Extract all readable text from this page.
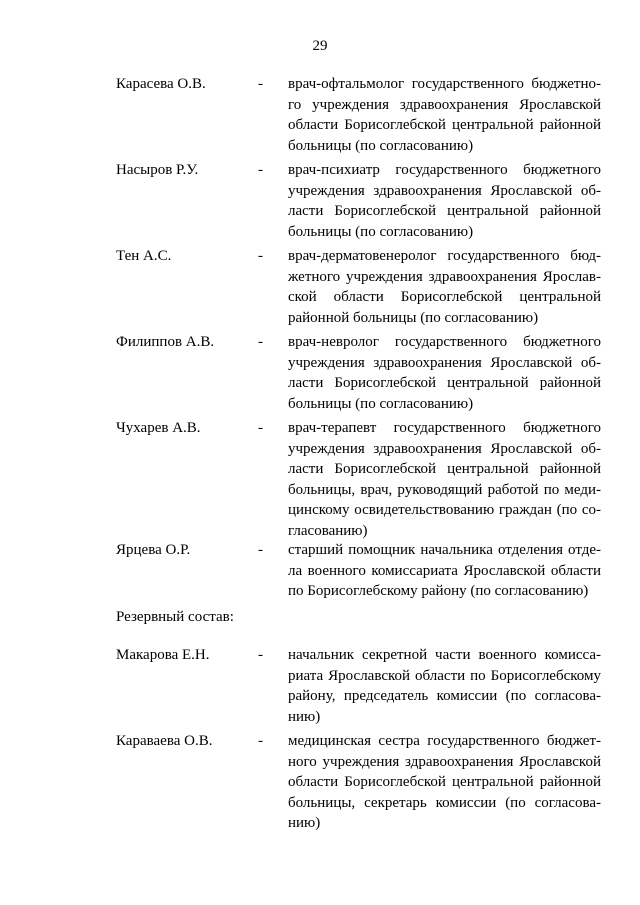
29
Карасева О.В.	- врач-офтальмолог государственного бюджетно-
го учреждения здравоохранения Ярославской
области Борисоглебской центральной районной
больницы (по согласованию)
Насыров Р.У.	- врач-психиатр государственного бюджетного
учреждения здравоохранения Ярославской об-
ласти Борисоглебской центральной районной
больницы (по согласованию)
Тен А.С.	- врач-дерматовенеролог государственного бюд-
жетного учреждения здравоохранения Ярослав-
ской области Борисоглебской центральной
районной больницы (по согласованию)
Филиппов А.В.	- врач-невролог государственного бюджетного
учреждения здравоохранения Ярославской об-
ласти Борисоглебской центральной районной
больницы (по согласованию)
Чухарев А.В.	- врач-терапевт государственного бюджетного
учреждения здравоохранения Ярославской об-
ласти Борисоглебской центральной районной
больницы, врач, руководящий работой по меди-
цинскому освидетельствованию граждан (по со-
гласованию)
Ярцева О.Р.	- старший помощник начальника отделения отде-
ла военного комиссариата Ярославской области
по Борисоглебскому району (по согласованию)
Резервный состав:
Макарова Е.Н.	- начальник секретной части военного комисса-
риата Ярославской области по Борисоглебскому
району, председатель комиссии (по согласова-
нию)
Караваева О.В.	- медицинская сестра государственного бюджет-
ного учреждения здравоохранения Ярославской
области Борисоглебской центральной районной
больницы, секретарь комиссии (по согласова-
нию)
